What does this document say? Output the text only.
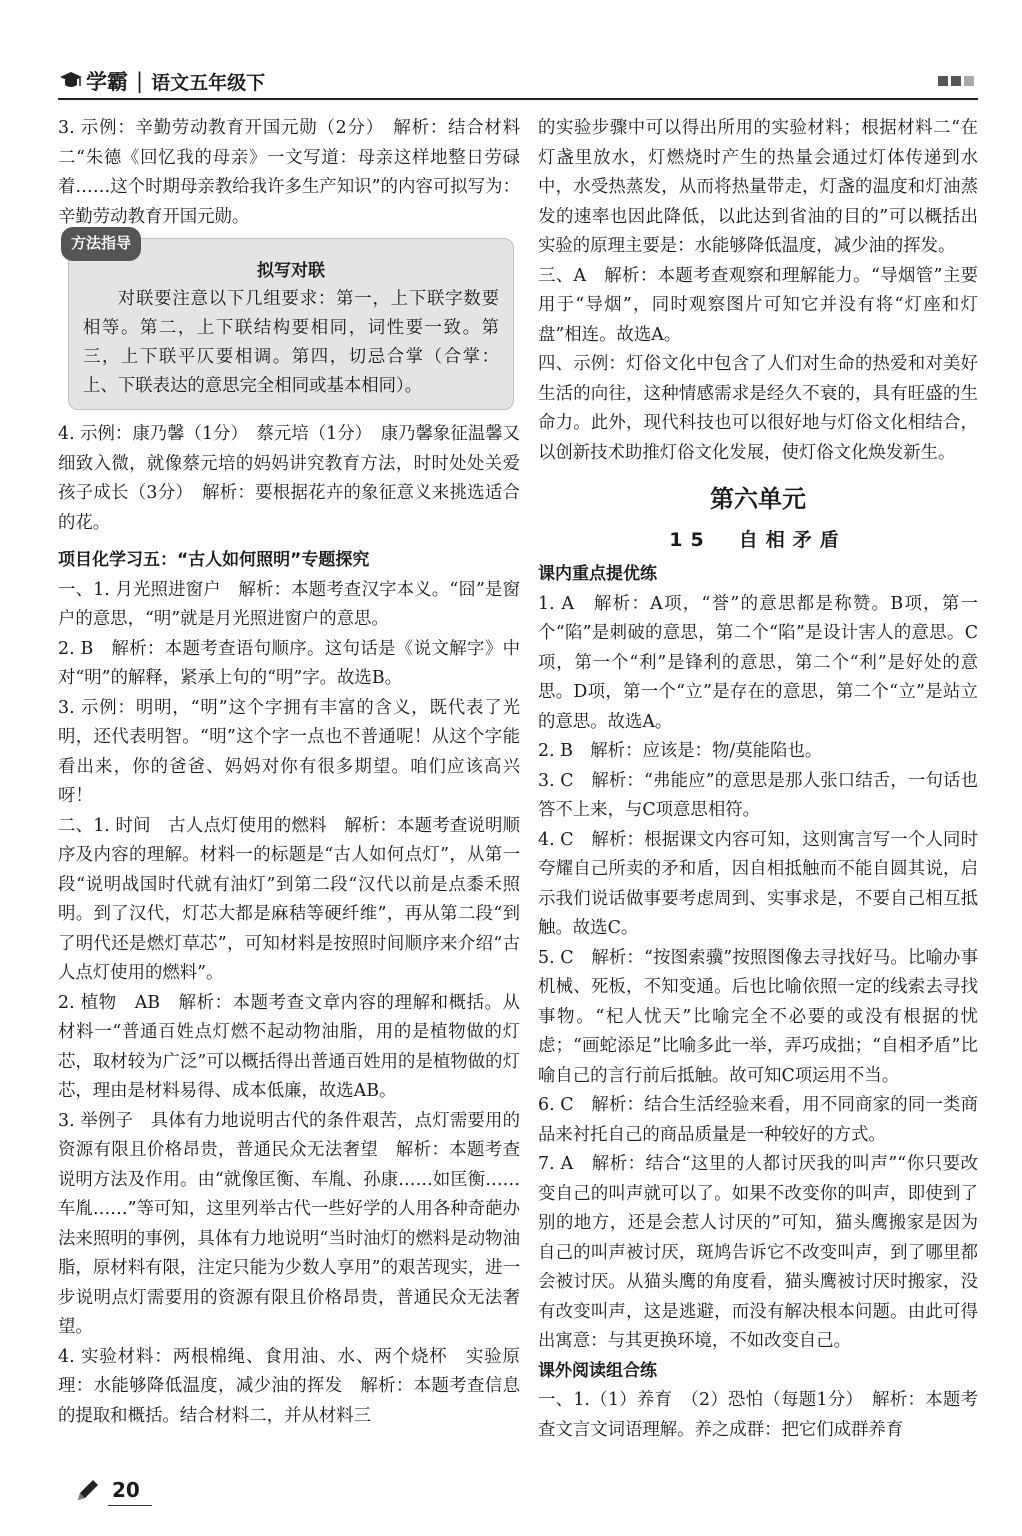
学霸 | 语文五年级下

3. 示例：辛勤劳动教育开国元勋（2分）　解析：结合材料二“朱德《回忆我的母亲》一文写道：母亲这样地整日劳碌着……这个时期母亲教给我许多生产知识”的内容可拟写为：辛勤劳动教育开国元勋。

方法指导
拟写对联
对联要注意以下几组要求：第一，上下联字数要相等。第二，上下联结构要相同，词性要一致。第三，上下联平仄要相调。第四，切忌合掌（合掌：上、下联表达的意思完全相同或基本相同）。

4. 示例：康乃馨（1分）　蔡元培（1分）　康乃馨象征温馨又细致入微，就像蔡元培的妈妈讲究教育方法，时时处处关爱孩子成长（3分）　解析：要根据花卉的象征意义来挑选适合的花。

项目化学习五：“古人如何照明”专题探究

一、1. 月光照进窗户　解析：本题考查汉字本义。“囧”是窗户的意思，“明”就是月光照进窗户的意思。

2. B　解析：本题考查语句顺序。这句话是《说文解字》中对“明”的解释，紧承上句的“明”字。故选B。

3. 示例：明明，“明”这个字拥有丰富的含义，既代表了光明，还代表明智。“明”这个字一点也不普通呢！从这个字能看出来，你的爸爸、妈妈对你有很多期望。咱们应该高兴呀！

二、1. 时间　古人点灯使用的燃料　解析：本题考查说明顺序及内容的理解。材料一的标题是“古人如何点灯”，从第一段“说明战国时代就有油灯”到第二段“汉代以前是点黍禾照明。到了汉代，灯芯大都是麻秸等硬纤维”，再从第二段“到了明代还是燃灯草芯”，可知材料是按照时间顺序来介绍“古人点灯使用的燃料”。

2. 植物　AB　解析：本题考查文章内容的理解和概括。从材料一“普通百姓点灯燃不起动物油脂，用的是植物做的灯芯，取材较为广泛”可以概括得出普通百姓用的是植物做的灯芯，理由是材料易得、成本低廉，故选AB。

3. 举例子　具体有力地说明古代的条件艰苦，点灯需要用的资源有限且价格昂贵，普通民众无法奢望　解析：本题考查说明方法及作用。由“就像匡衡、车胤、孙康……如匡衡……车胤……”等可知，这里列举古代一些好学的人用各种奇葩办法来照明的事例，具体有力地说明“当时油灯的燃料是动物油脂，原材料有限，注定只能为少数人享用”的艰苦现实，进一步说明点灯需要用的资源有限且价格昂贵，普通民众无法奢望。

4. 实验材料：两根棉绳、食用油、水、两个烧杯　实验原理：水能够降低温度，减少油的挥发　解析：本题考查信息的提取和概括。结合材料二，并从材料三

的实验步骤中可以得出所用的实验材料；根据材料二“在灯盏里放水，灯燃烧时产生的热量会通过灯体传递到水中，水受热蒸发，从而将热量带走，灯盏的温度和灯油蒸发的速率也因此降低，以此达到省油的目的”可以概括出实验的原理主要是：水能够降低温度，减少油的挥发。

三、A　解析：本题考查观察和理解能力。“导烟管”主要用于“导烟”，同时观察图片可知它并没有将“灯座和灯盘”相连。故选A。

四、示例：灯俗文化中包含了人们对生命的热爱和对美好生活的向往，这种情感需求是经久不衰的，具有旺盛的生命力。此外，现代科技也可以很好地与灯俗文化相结合，以创新技术助推灯俗文化发展，使灯俗文化焕发新生。

第六单元
15　自相矛盾
课内重点提优练

1. A　解析：A项，“誉”的意思都是称赞。B项，第一个“陷”是刺破的意思，第二个“陷”是设计害人的意思。C项，第一个“利”是锋利的意思，第二个“利”是好处的意思。D项，第一个“立”是存在的意思，第二个“立”是站立的意思。故选A。

2. B　解析：应该是：物/莫能陷也。

3. C　解析：“弗能应”的意思是那人张口结舌，一句话也答不上来，与C项意思相符。

4. C　解析：根据课文内容可知，这则寓言写一个人同时夸耀自己所卖的矛和盾，因自相抵触而不能自圆其说，启示我们说话做事要考虑周到、实事求是，不要自己相互抵触。故选C。

5. C　解析：“按图索骥”按照图像去寻找好马。比喻办事机械、死板，不知变通。后也比喻依照一定的线索去寻找事物。“杞人忧天”比喻完全不必要的或没有根据的忧虑；“画蛇添足”比喻多此一举，弄巧成拙；“自相矛盾”比喻自己的言行前后抵触。故可知C项运用不当。

6. C　解析：结合生活经验来看，用不同商家的同一类商品来衬托自己的商品质量是一种较好的方式。

7. A　解析：结合“这里的人都讨厌我的叫声”“你只要改变自己的叫声就可以了。如果不改变你的叫声，即使到了别的地方，还是会惹人讨厌的”可知，猫头鹰搬家是因为自己的叫声被讨厌，斑鸠告诉它不改变叫声，到了哪里都会被讨厌。从猫头鹰的角度看，猫头鹰被讨厌时搬家，没有改变叫声，这是逃避，而没有解决根本问题。由此可得出寓意：与其更换环境，不如改变自己。

课外阅读组合练

一、1.（1）养育　（2）恐怕（每题1分）　解析：本题考查文言文词语理解。养之成群：把它们成群养育

20
